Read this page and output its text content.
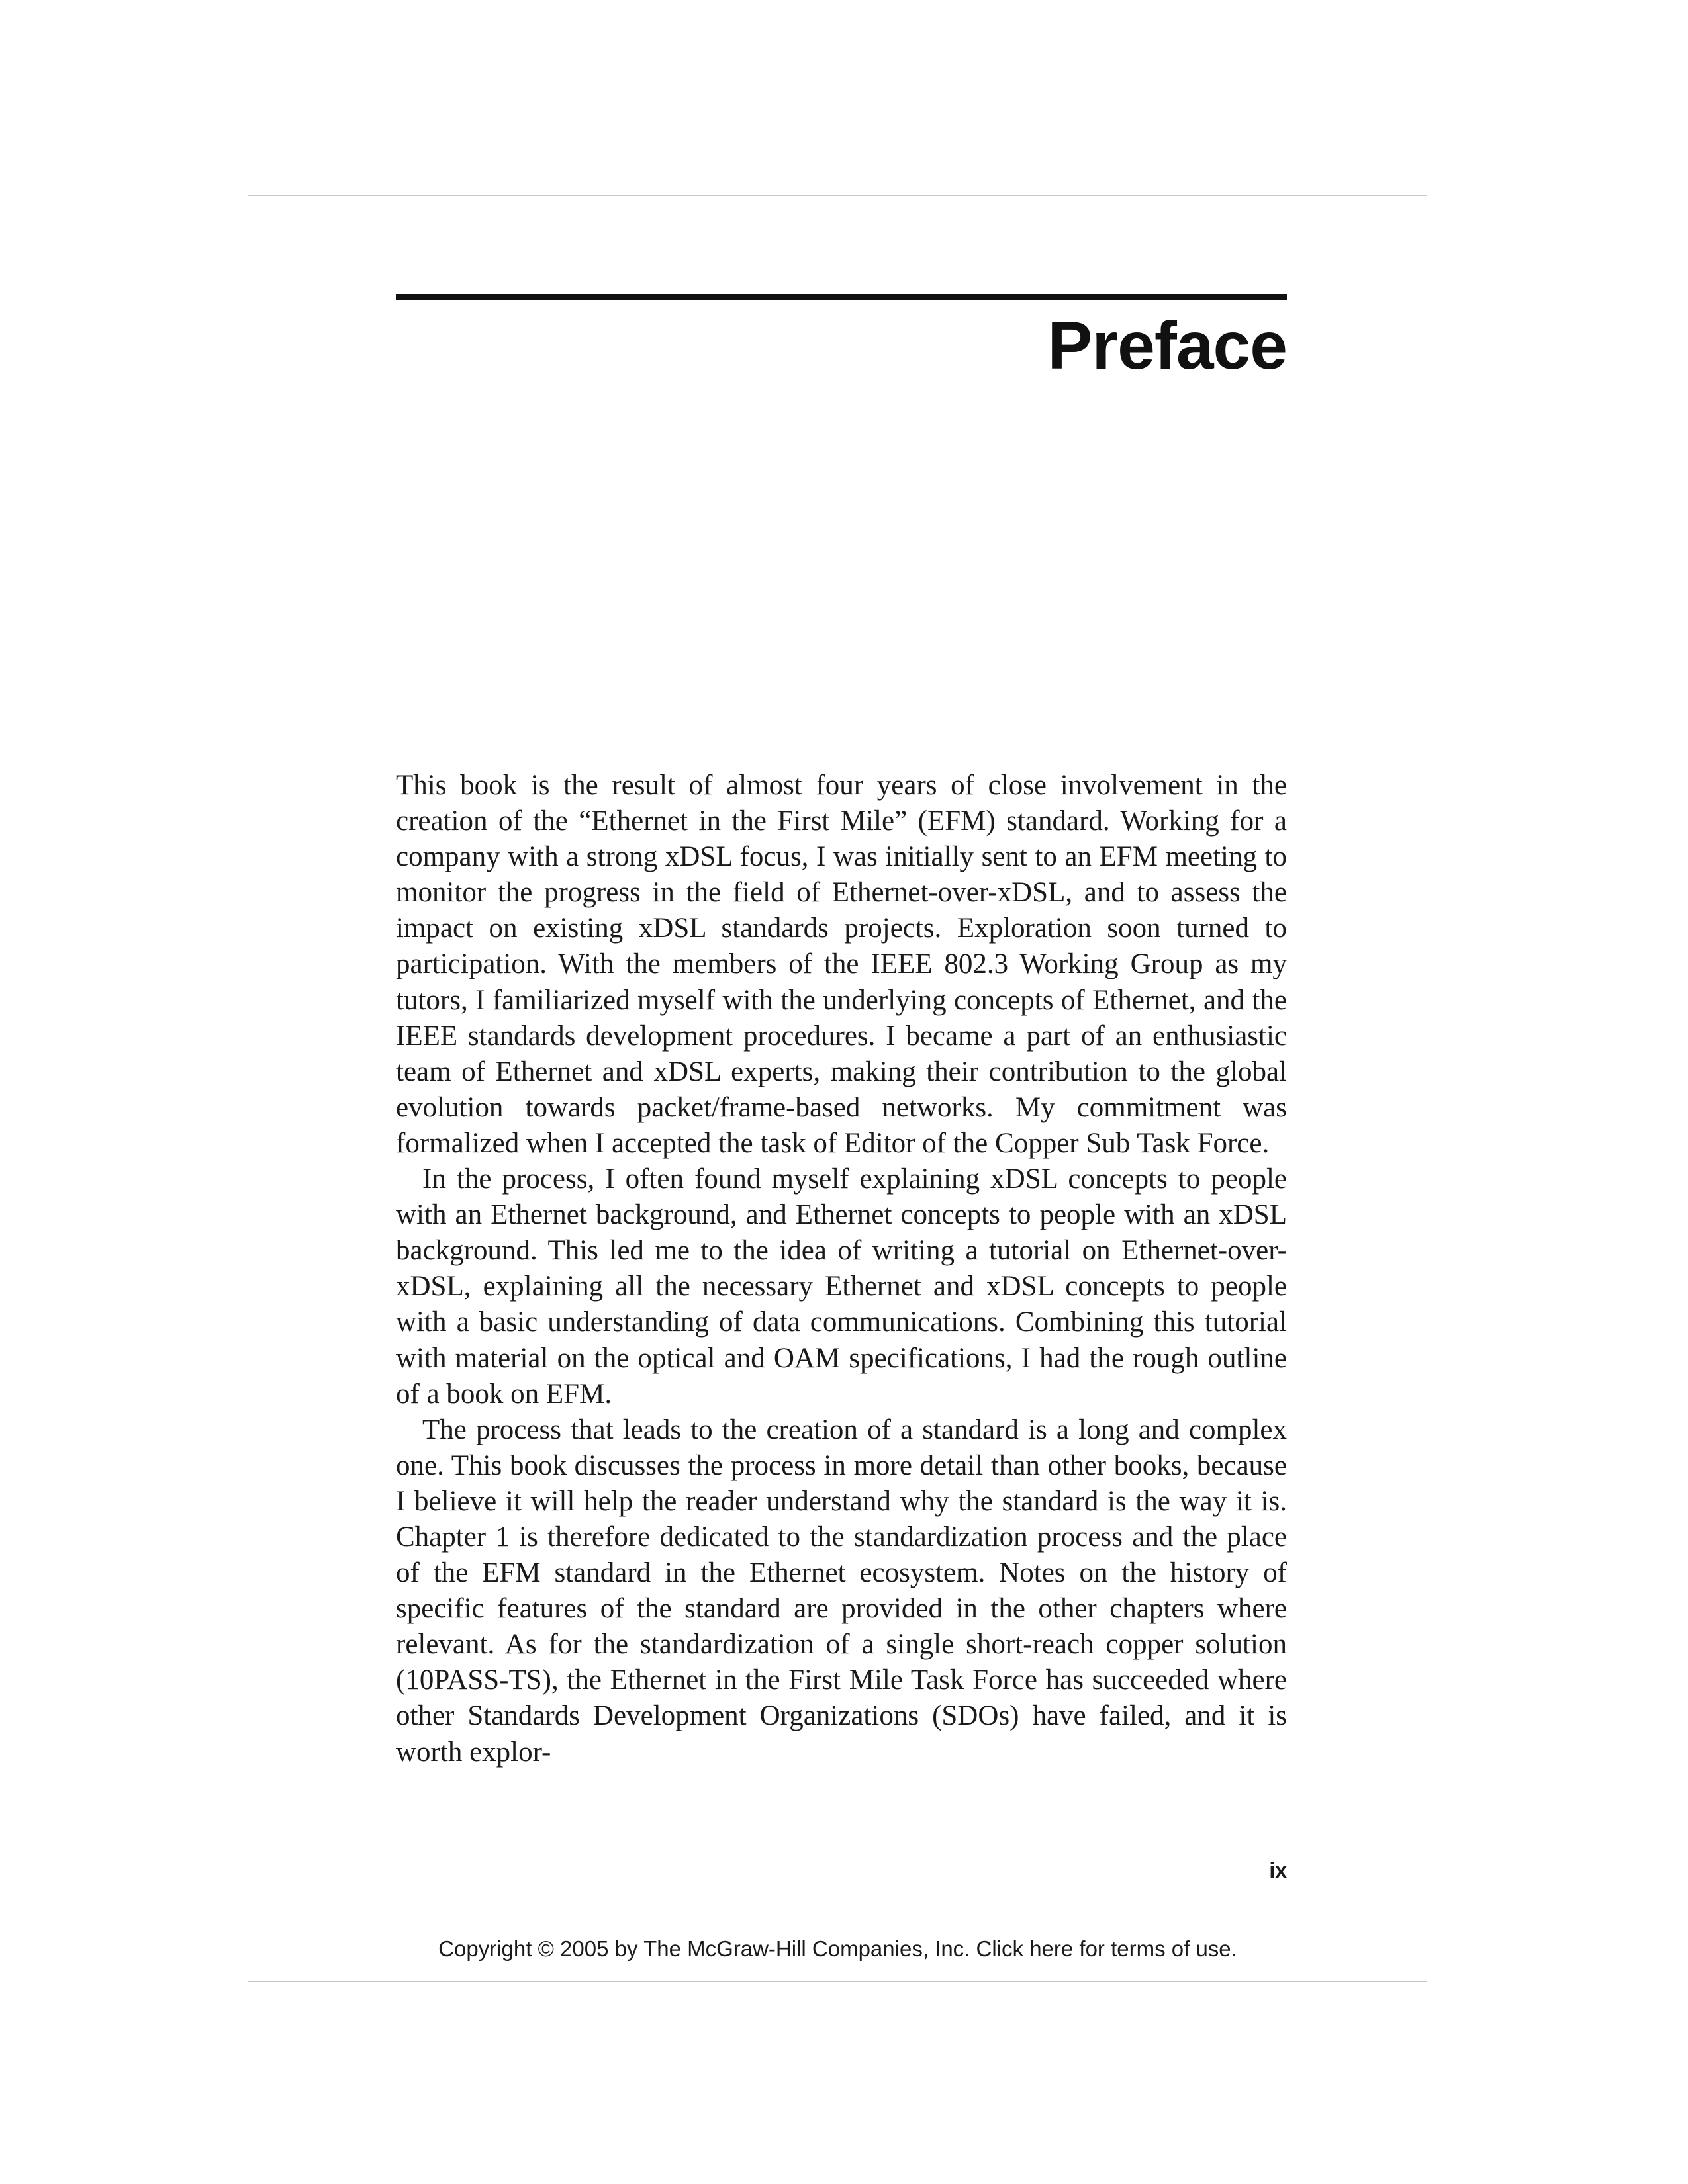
Preface

This book is the result of almost four years of close involvement in the creation of the “Ethernet in the First Mile” (EFM) standard. Working for a company with a strong xDSL focus, I was initially sent to an EFM meeting to monitor the progress in the field of Ethernet-over-xDSL, and to assess the impact on existing xDSL standards projects. Exploration soon turned to participation. With the members of the IEEE 802.3 Working Group as my tutors, I familiarized myself with the underlying concepts of Ethernet, and the IEEE standards development procedures. I became a part of an enthusiastic team of Ethernet and xDSL experts, making their contribution to the global evolution towards packet/frame-based networks. My commitment was formalized when I accepted the task of Editor of the Copper Sub Task Force.

In the process, I often found myself explaining xDSL concepts to people with an Ethernet background, and Ethernet concepts to people with an xDSL background. This led me to the idea of writing a tutorial on Ethernet-over-xDSL, explaining all the necessary Ethernet and xDSL concepts to people with a basic understanding of data communications. Combining this tutorial with material on the optical and OAM specifications, I had the rough outline of a book on EFM.

The process that leads to the creation of a standard is a long and complex one. This book discusses the process in more detail than other books, because I believe it will help the reader understand why the standard is the way it is. Chapter 1 is therefore dedicated to the standardization process and the place of the EFM standard in the Ethernet ecosystem. Notes on the history of specific features of the standard are provided in the other chapters where relevant. As for the standardization of a single short-reach copper solution (10PASS-TS), the Ethernet in the First Mile Task Force has succeeded where other Standards Development Organizations (SDOs) have failed, and it is worth explor-

ix
Copyright © 2005 by The McGraw-Hill Companies, Inc. Click here for terms of use.
